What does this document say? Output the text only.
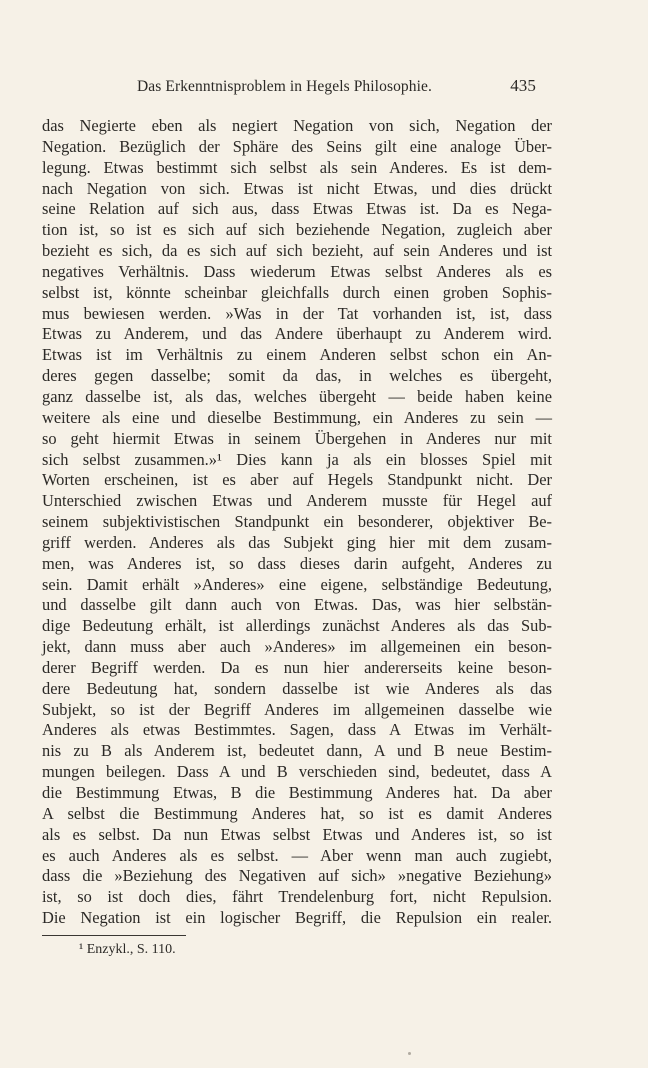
Das Erkenntnisproblem in Hegels Philosophie.	435
das Negierte eben als negiert Negation von sich, Negation der
Negation. Bezüglich der Sphäre des Seins gilt eine analoge Über-
legung. Etwas bestimmt sich selbst als sein Anderes. Es ist dem-
nach Negation von sich. Etwas ist nicht Etwas, und dies drückt
seine Relation auf sich aus, dass Etwas Etwas ist. Da es Nega-
tion ist, so ist es sich auf sich beziehende Negation, zugleich aber
bezieht es sich, da es sich auf sich bezieht, auf sein Anderes und ist
negatives Verhältnis. Dass wiederum Etwas selbst Anderes als es
selbst ist, könnte scheinbar gleichfalls durch einen groben Sophis-
mus bewiesen werden. »Was in der Tat vorhanden ist, ist, dass
Etwas zu Anderem, und das Andere überhaupt zu Anderem wird.
Etwas ist im Verhältnis zu einem Anderen selbst schon ein An-
deres gegen dasselbe; somit da das, in welches es übergeht,
ganz dasselbe ist, als das, welches übergeht — beide haben keine
weitere als eine und dieselbe Bestimmung, ein Anderes zu sein —
so geht hiermit Etwas in seinem Übergehen in Anderes nur mit
sich selbst zusammen.»¹ Dies kann ja als ein blosses Spiel mit
Worten erscheinen, ist es aber auf Hegels Standpunkt nicht. Der
Unterschied zwischen Etwas und Anderem musste für Hegel auf
seinem subjektivistischen Standpunkt ein besonderer, objektiver Be-
griff werden. Anderes als das Subjekt ging hier mit dem zusam-
men, was Anderes ist, so dass dieses darin aufgeht, Anderes zu
sein. Damit erhält »Anderes» eine eigene, selbständige Bedeutung,
und dasselbe gilt dann auch von Etwas. Das, was hier selbstän-
dige Bedeutung erhält, ist allerdings zunächst Anderes als das Sub-
jekt, dann muss aber auch »Anderes» im allgemeinen ein beson-
derer Begriff werden. Da es nun hier andererseits keine beson-
dere Bedeutung hat, sondern dasselbe ist wie Anderes als das
Subjekt, so ist der Begriff Anderes im allgemeinen dasselbe wie
Anderes als etwas Bestimmtes. Sagen, dass A Etwas im Verhält-
nis zu B als Anderem ist, bedeutet dann, A und B neue Bestim-
mungen beilegen. Dass A und B verschieden sind, bedeutet, dass A
die Bestimmung Etwas, B die Bestimmung Anderes hat. Da aber
A selbst die Bestimmung Anderes hat, so ist es damit Anderes
als es selbst. Da nun Etwas selbst Etwas und Anderes ist, so ist
es auch Anderes als es selbst. — Aber wenn man auch zugiebt,
dass die »Beziehung des Negativen auf sich» »negative Beziehung»
ist, so ist doch dies, fährt Trendelenburg fort, nicht Repulsion.
Die Negation ist ein logischer Begriff, die Repulsion ein realer.
¹ Enzykl., S. 110.
